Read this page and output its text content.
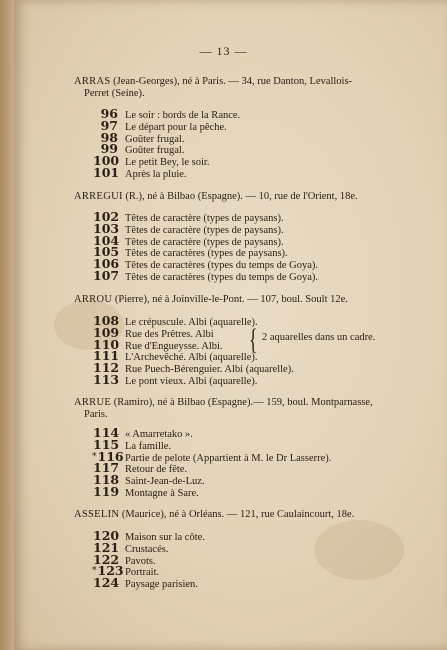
— 13 —
ARRAS (Jean-Georges), né à Paris. — 34, rue Danton, Levallois-
Perret (Seine).
96 Le soir : bords de la Rance.
97 Le départ pour la pêche.
98 Goûter frugal.
99 Goûter frugal.
100 Le petit Bey, le soir.
101 Après la pluie.
ARREGUI (R.), né à Bilbao (Espagne). — 10, rue de l'Orient, 18e.
102 Têtes de caractère (types de paysans).
103 Têtes de caractère (types de paysans).
104 Têtes de caractère (types de paysans).
105 Têtes de caractères (types de paysans).
106 Têtes de caractères (types du temps de Goya).
107 Têtes de caractères (types du temps de Goya).
ARROU (Pierre), né à Joinville-le-Pont. — 107, boul. Soult 12e.
108 Le crépuscule. Albi (aquarelle).
109 Rue des Prêtres. Albi
110 Rue d'Engueysse. Albi.
111 L'Archevêché. Albi (aquarelle).
112 Rue Puech-Bérenguier. Albi (aquarelle).
113 Le pont vieux. Albi (aquarelle).
{ 2 aquarelles dans un cadre.
ARRUE (Ramiro), né à Bilbao (Espagne).— 159, boul. Montparnasse,
Paris.
114 « Amarretako ».
115 La famille.
*116 Partie de pelote (Appartient à M. le Dr Lasserre).
117 Retour de fête.
118 Saint-Jean-de-Luz.
119 Montagne à Sare.
ASSELIN (Maurice), né à Orléans. — 121, rue Caulaincourt, 18e.
120 Maison sur la côte.
121 Crustacés.
122 Pavots.
*123 Portrait.
124 Paysage parisien.
